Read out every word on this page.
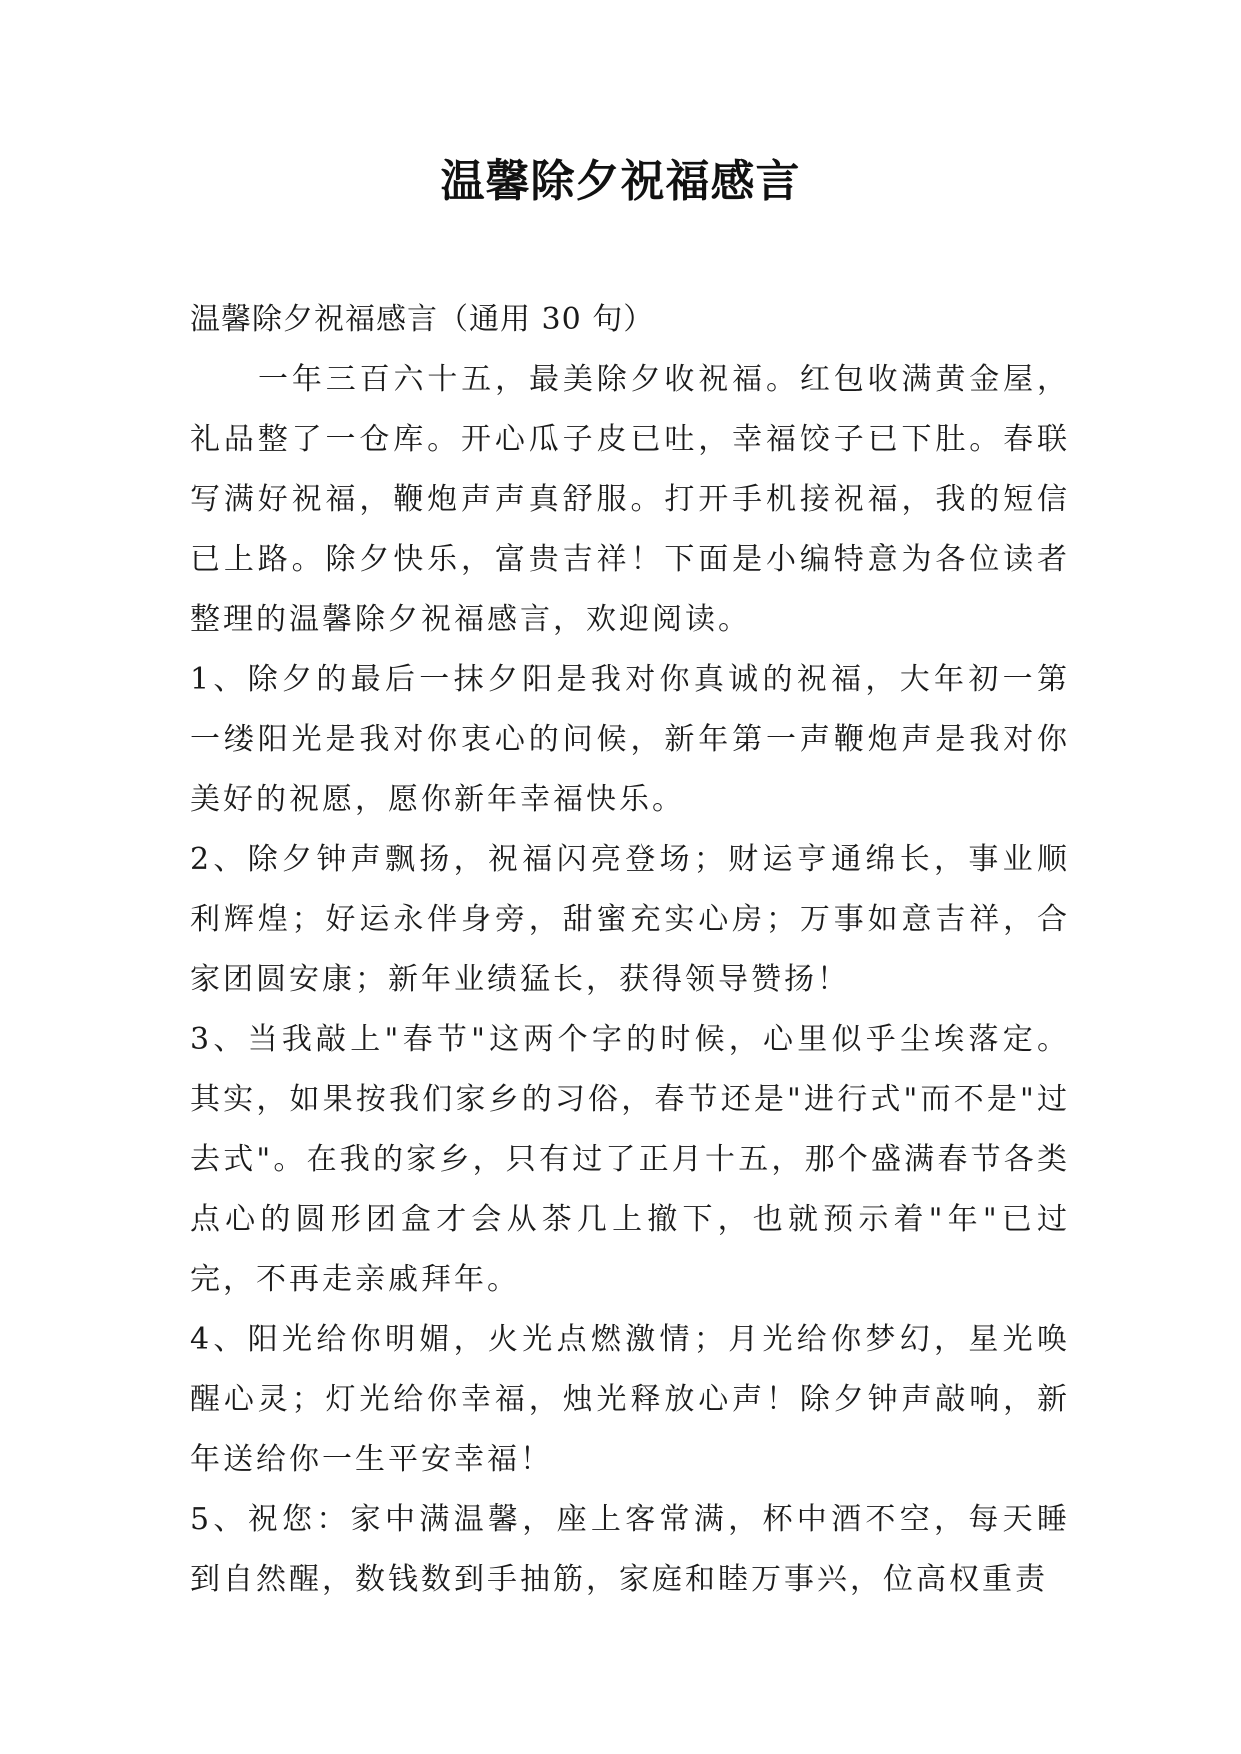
温馨除夕祝福感言

温馨除夕祝福感言（通用 30 句）

一年三百六十五，最美除夕收祝福。红包收满黄金屋，礼品整了一仓库。开心瓜子皮已吐，幸福饺子已下肚。春联写满好祝福，鞭炮声声真舒服。打开手机接祝福，我的短信已上路。除夕快乐，富贵吉祥！下面是小编特意为各位读者整理的温馨除夕祝福感言，欢迎阅读。

1、除夕的最后一抹夕阳是我对你真诚的祝福，大年初一第一缕阳光是我对你衷心的问候，新年第一声鞭炮声是我对你美好的祝愿，愿你新年幸福快乐。

2、除夕钟声飘扬，祝福闪亮登场；财运亨通绵长，事业顺利辉煌；好运永伴身旁，甜蜜充实心房；万事如意吉祥，合家团圆安康；新年业绩猛长，获得领导赞扬！

3、当我敲上"春节"这两个字的时候，心里似乎尘埃落定。其实，如果按我们家乡的习俗，春节还是"进行式"而不是"过去式"。在我的家乡，只有过了正月十五，那个盛满春节各类点心的圆形团盒才会从茶几上撤下，也就预示着"年"已过完，不再走亲戚拜年。

4、阳光给你明媚，火光点燃激情；月光给你梦幻，星光唤醒心灵；灯光给你幸福，烛光释放心声！除夕钟声敲响，新年送给你一生平安幸福！

5、祝您：家中满温馨，座上客常满，杯中酒不空，每天睡到自然醒，数钱数到手抽筋，家庭和睦万事兴，位高权重责
